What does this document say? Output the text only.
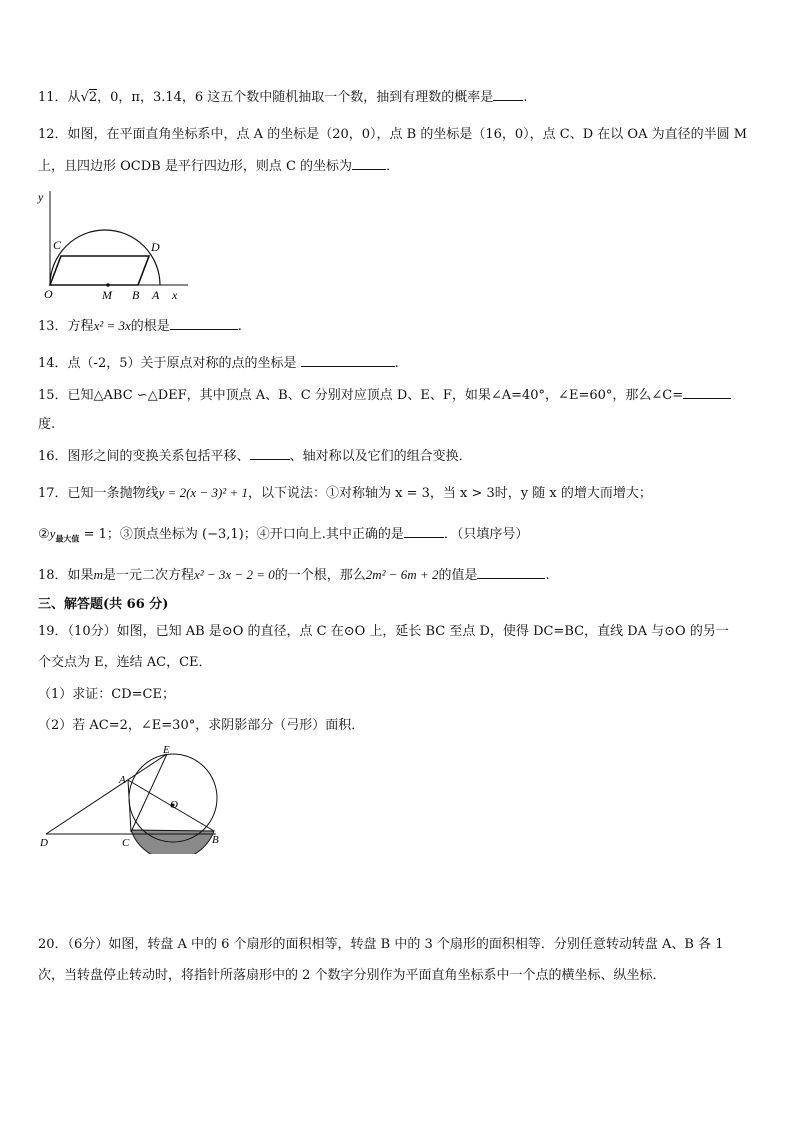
11．从√2，0，π，3.14，6 这五个数中随机抽取一个数，抽到有理数的概率是 .
12．如图，在平面直角坐标系中，点 A 的坐标是（20，0），点 B 的坐标是（16，0），点 C、D 在以 OA 为直径的半圆 M
上，且四边形 OCDB 是平行四边形，则点 C 的坐标为	．
y
x
O	M B A
C	D
13．方程x² = 3x的根是	.
14．点（-2，5）关于原点对称的点的坐标是	.
15．已知△ABC ∽△DEF，其中顶点 A、B、C 分别对应顶点 D、E、F，如果∠A=40°，∠E=60°，那么∠C=
度.
16．图形之间的变换关系包括平移、	、轴对称以及它们的组合变换．
17．已知一条抛物线y = 2(x − 3)² + 1，以下说法：①对称轴为 x = 3，当 x > 3时，y 随 x 的增大而增大；
$②y_{最大值} = 1$；③顶点坐标为 (−3,1)；④开口向上.其中正确的是	．（只填序号）
18．如果m是一元二次方程x² − 3x − 2 = 0的一个根，那么2m² − 6m + 2的值是	.
三、解答题(共 66 分)
19．（10分）如图，已知 AB 是⊙O 的直径，点 C 在⊙O 上，延长 BC 至点 D，使得 DC=BC，直线 DA 与⊙O 的另一
个交点为 E，连结 AC，CE．
（1）求证：CD=CE；
（2）若 AC=2，∠E=30°，求阴影部分（弓形）面积．
E
A
O
D	C	B
20．（6分）如图，转盘 A 中的 6 个扇形的面积相等，转盘 B 中的 3 个扇形的面积相等．分别任意转动转盘 A、B 各 1
次，当转盘停止转动时，将指针所落扇形中的 2 个数字分别作为平面直角坐标系中一个点的横坐标、纵坐标．
